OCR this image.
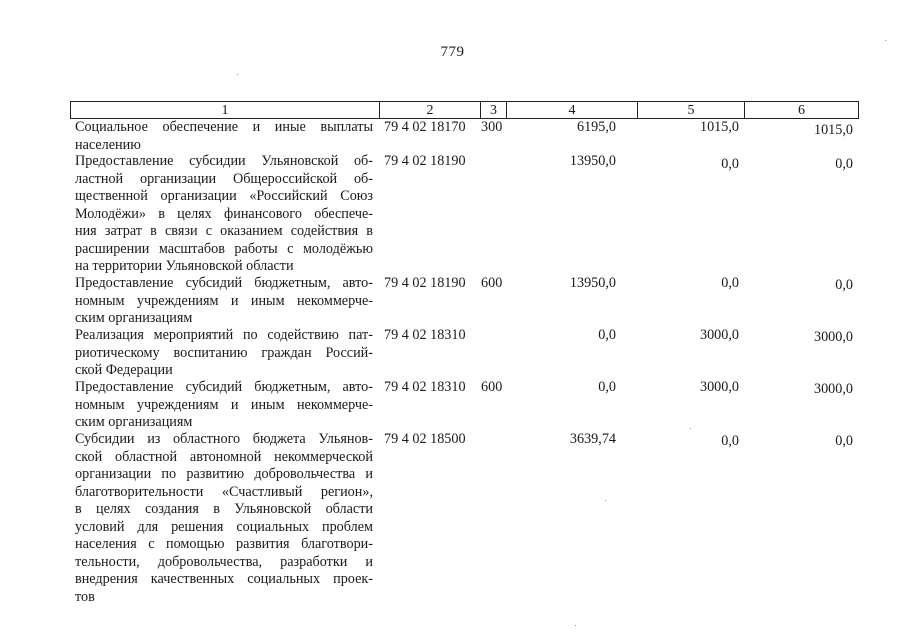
779
1	2	3	4	5	6
Социальное обеспечение и иные выплаты
населению
79 4 02 18170 300	6195,0	1015,0	1015,0
Предоставление субсидии Ульяновской об-
ластной организации Общероссийской об-
щественной организации «Российский Союз
Молодёжи» в целях финансового обеспече-
ния затрат в связи с оказанием содействия в
расширении масштабов работы с молодёжью
на территории Ульяновской области
79 4 02 18190	13950,0	0,0	0,0
Предоставление субсидий бюджетным, авто-
номным учреждениям и иным некоммерче-
ским организациям
79 4 02 18190 600	13950,0	0,0	0,0
Реализация мероприятий по содействию пат-
риотическому воспитанию граждан Россий-
ской Федерации
79 4 02 18310	0,0	3000,0	3000,0
Предоставление субсидий бюджетным, авто-
номным учреждениям и иным некоммерче-
ским организациям
79 4 02 18310 600	0,0	3000,0	3000,0
Субсидии из областного бюджета Ульянов-
ской областной автономной некоммерческой
организации по развитию добровольчества и
благотворительности «Счастливый регион»,
в целях создания в Ульяновской области
условий для решения социальных проблем
населения с помощью развития благотвори-
тельности, добровольчества, разработки и
внедрения качественных социальных проек-
тов
79 4 02 18500	3639,74	0,0	0,0
